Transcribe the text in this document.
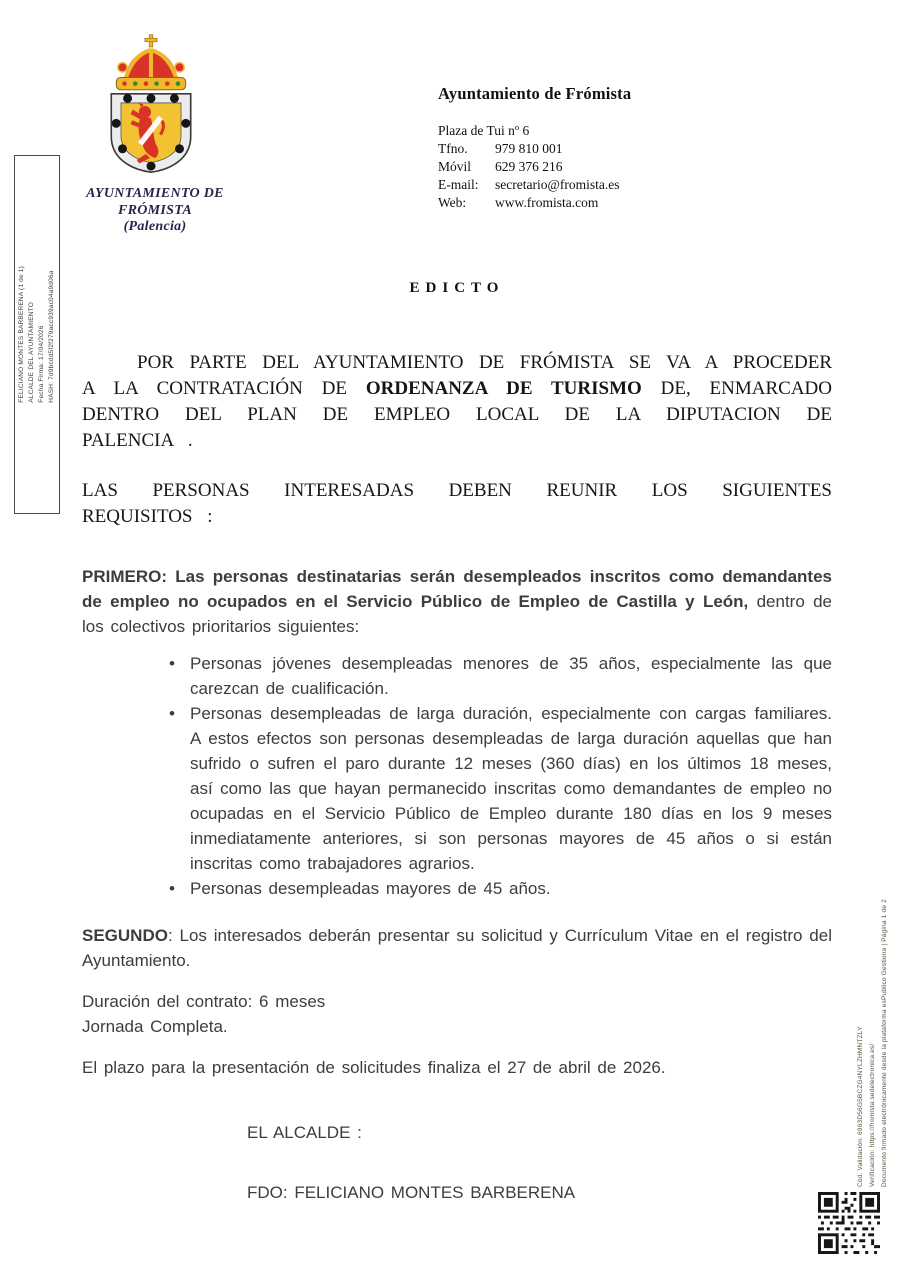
FELICIANO MONTES BARBERENA (1 de 1) ALCALDE DEL AYUNTAMIENTO Fecha Firma: 17/04/2026 HASH: 7d9bcdd5f2f279acc939ac04a9d06a
AYUNTAMIENTO DE
FRÓMISTA
(Palencia)

Ayuntamiento de Frómista

Plaza de Tui nº 6
Tfno.	979 810 001
Móvil	629 376 216
E-mail:	secretario@fromista.es
Web:	www.fromista.com

EDICTO

POR PARTE DEL AYUNTAMIENTO DE FRÓMISTA SE VA A PROCEDER A LA CONTRATACIÓN DE ORDENANZA DE TURISMO DE, ENMARCADO DENTRO DEL PLAN DE EMPLEO LOCAL DE LA DIPUTACION DE PALENCIA .

LAS PERSONAS INTERESADAS DEBEN REUNIR LOS SIGUIENTES REQUISITOS :

PRIMERO: Las personas destinatarias serán desempleados inscritos como demandantes de empleo no ocupados en el Servicio Público de Empleo de Castilla y León, dentro de los colectivos prioritarios siguientes:

• Personas jóvenes desempleadas menores de 35 años, especialmente las que carezcan de cualificación.
• Personas desempleadas de larga duración, especialmente con cargas familiares. A estos efectos son personas desempleadas de larga duración aquellas que han sufrido o sufren el paro durante 12 meses (360 días) en los últimos 18 meses, así como las que hayan permanecido inscritas como demandantes de empleo no ocupadas en el Servicio Público de Empleo durante 180 días en los 9 meses inmediatamente anteriores, si son personas mayores de 45 años o si están inscritas como trabajadores agrarios.
• Personas desempleadas mayores de 45 años.

SEGUNDO: Los interesados deberán presentar su solicitud y Currículum Vitae en el registro del Ayuntamiento.

Duración del contrato: 6 meses
Jornada Completa.

El plazo para la presentación de solicitudes finaliza el 27 de abril de 2026.

EL ALCALDE :

FDO: FELICIANO MONTES BARBERENA

Cód. Validación: 6963D56G5BCZG4NYLZHMNTZLY Verificación: https://fromista.sedelectronica.es/ Documento firmado electrónicamente desde la plataforma esPublico Gestiona | Página 1 de 2
